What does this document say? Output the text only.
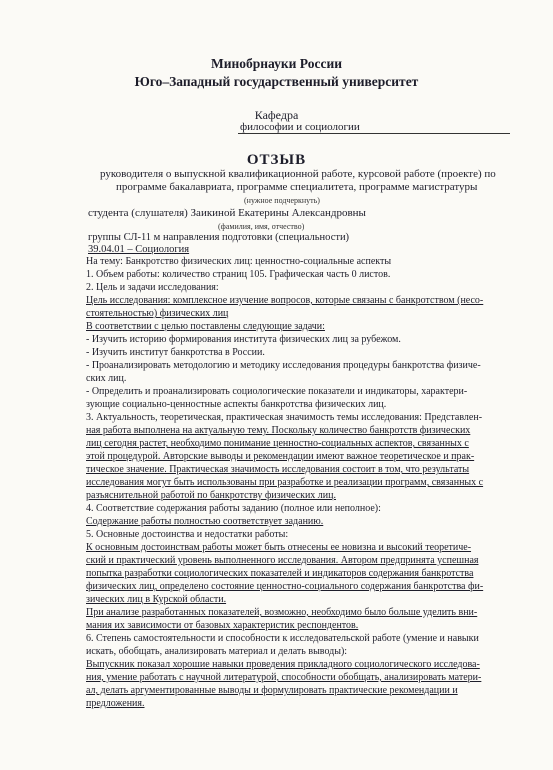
Минобрнауки России
Юго–Западный государственный университет
Кафедра
философии и социологии
ОТЗЫВ
руководителя о выпускной квалификационной работе, курсовой работе (проекте) по
программе бакалавриата, программе специалитета, программе магистратуры
(нужное подчеркнуть)
студента (слушателя) Заикиной Екатерины Александровны
(фамилия, имя, отчество)
группы СЛ-11 м направления подготовки (специальности)
39.04.01 – Социология
На тему: Банкротство физических лиц: ценностно-социальные аспекты
1. Объем работы: количество страниц 105. Графическая часть 0 листов.
2. Цель и задачи исследования:
Цель исследования: комплексное изучение вопросов, которые связаны с банкротством (несо-
стоятельностью) физических лиц
В соответствии с целью поставлены следующие задачи:
- Изучить историю формирования института физических лиц за рубежом.
- Изучить институт банкротства в России.
- Проанализировать методологию и методику исследования процедуры банкротства физиче-
ских лиц.
- Определить и проанализировать социологические показатели и индикаторы, характери-
зующие социально-ценностные аспекты банкротства физических лиц.
3. Актуальность, теоретическая, практическая значимость темы исследования: Представлен-
ная работа выполнена на актуальную тему. Поскольку количество банкротств физических
лиц сегодня растет, необходимо понимание ценностно-социальных аспектов, связанных с
этой процедурой. Авторские выводы и рекомендации имеют важное теоретическое и прак-
тическое значение. Практическая значимость исследования состоит в том, что результаты
исследования могут быть использованы при разработке и реализации программ, связанных с
разъяснительной работой по банкротству физических лиц.
4. Соответствие содержания работы заданию (полное или неполное):
Содержание работы полностью соответствует заданию.
5. Основные достоинства и недостатки работы:
К основным достоинствам работы может быть отнесены ее новизна и высокий теоретиче-
ский и практический уровень выполненного исследования. Автором предпринята успешная
попытка разработки социологических показателей и индикаторов содержания банкротства
физических лиц, определено состояние ценностно-социального содержания банкротства фи-
зических лиц в Курской области.
При анализе разработанных показателей, возможно, необходимо было больше уделить вни-
мания их зависимости от базовых характеристик респондентов.
6. Степень самостоятельности и способности к исследовательской работе (умение и навыки
искать, обобщать, анализировать материал и делать выводы):
Выпускник показал хорошие навыки проведения прикладного социологического исследова-
ния, умение работать с научной литературой, способности обобщать, анализировать матери-
ал, делать аргументированные выводы и формулировать практические рекомендации и
предложения.
